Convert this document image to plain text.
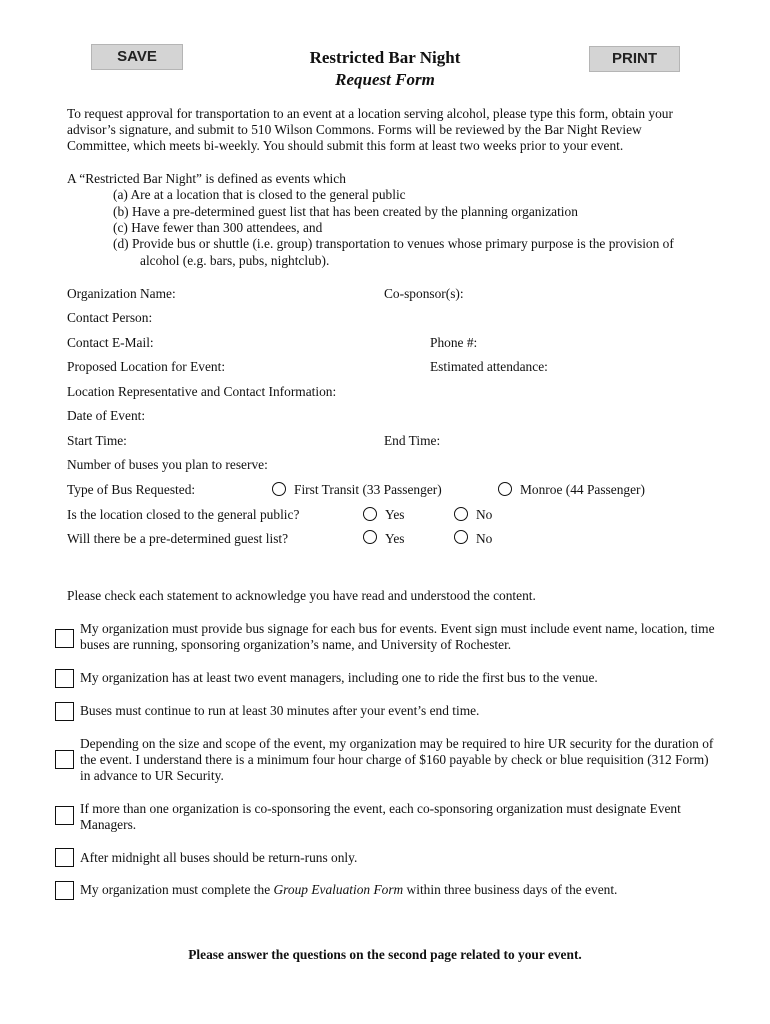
SAVE	PRINT
Restricted Bar Night
Request Form
To request approval for transportation to an event at a location serving alcohol, please type this form, obtain your advisor’s signature, and submit to 510 Wilson Commons. Forms will be reviewed by the Bar Night Review Committee, which meets bi-weekly. You should submit this form at least two weeks prior to your event.
A “Restricted Bar Night” is defined as events which
(a) Are at a location that is closed to the general public
(b) Have a pre-determined guest list that has been created by the planning organization
(c) Have fewer than 300 attendees, and
(d) Provide bus or shuttle (i.e. group) transportation to venues whose primary purpose is the provision of
alcohol (e.g. bars, pubs, nightclub).
Organization Name:	Co-sponsor(s):
Contact Person:
Contact E-Mail:	Phone #:
Proposed Location for Event:	Estimated attendance:
Location Representative and Contact Information:
Date of Event:
Start Time:	End Time:
Number of buses you plan to reserve:
Type of Bus Requested:	First Transit (33 Passenger)	Monroe (44 Passenger)
Is the location closed to the general public?	Yes	No
Will there be a pre-determined guest list?	Yes	No
Please check each statement to acknowledge you have read and understood the content.
My organization must provide bus signage for each bus for events. Event sign must include event name, location, time buses are running, sponsoring organization’s name, and University of Rochester.
My organization has at least two event managers, including one to ride the first bus to the venue.
Buses must continue to run at least 30 minutes after your event’s end time.
Depending on the size and scope of the event, my organization may be required to hire UR security for the duration of the event. I understand there is a minimum four hour charge of $160 payable by check or blue requisition (312 Form) in advance to UR Security.
If more than one organization is co-sponsoring the event, each co-sponsoring organization must designate Event Managers.
After midnight all buses should be return-runs only.
My organization must complete the Group Evaluation Form within three business days of the event.
Please answer the questions on the second page related to your event.
